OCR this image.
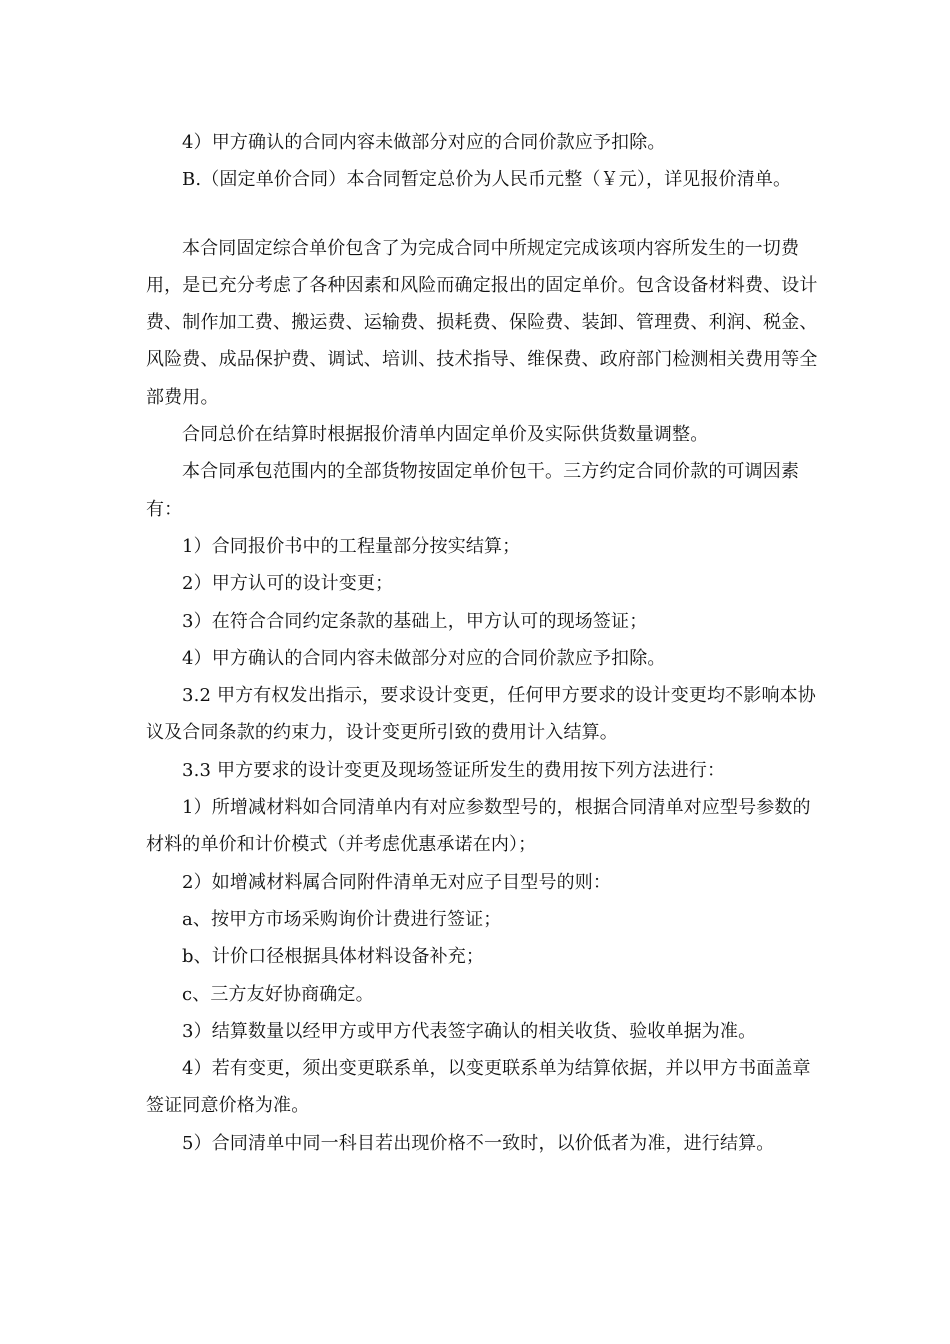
4）甲方确认的合同内容未做部分对应的合同价款应予扣除。

B.（固定单价合同）本合同暂定总价为人民币元整（￥元），详见报价清单。

本合同固定综合单价包含了为完成合同中所规定完成该项内容所发生的一切费用，是已充分考虑了各种因素和风险而确定报出的固定单价。包含设备材料费、设计费、制作加工费、搬运费、运输费、损耗费、保险费、装卸、管理费、利润、税金、风险费、成品保护费、调试、培训、技术指导、维保费、政府部门检测相关费用等全部费用。

合同总价在结算时根据报价清单内固定单价及实际供货数量调整。

本合同承包范围内的全部货物按固定单价包干。三方约定合同价款的可调因素有：

1）合同报价书中的工程量部分按实结算；

2）甲方认可的设计变更；

3）在符合合同约定条款的基础上，甲方认可的现场签证；

4）甲方确认的合同内容未做部分对应的合同价款应予扣除。

3.2 甲方有权发出指示，要求设计变更，任何甲方要求的设计变更均不影响本协议及合同条款的约束力，设计变更所引致的费用计入结算。

3.3 甲方要求的设计变更及现场签证所发生的费用按下列方法进行：

1）所增减材料如合同清单内有对应参数型号的，根据合同清单对应型号参数的材料的单价和计价模式（并考虑优惠承诺在内）；

2）如增减材料属合同附件清单无对应子目型号的则：

a、按甲方市场采购询价计费进行签证；

b、计价口径根据具体材料设备补充；

c、三方友好协商确定。

3）结算数量以经甲方或甲方代表签字确认的相关收货、验收单据为准。

4）若有变更，须出变更联系单，以变更联系单为结算依据，并以甲方书面盖章签证同意价格为准。

5）合同清单中同一科目若出现价格不一致时，以价低者为准，进行结算。
